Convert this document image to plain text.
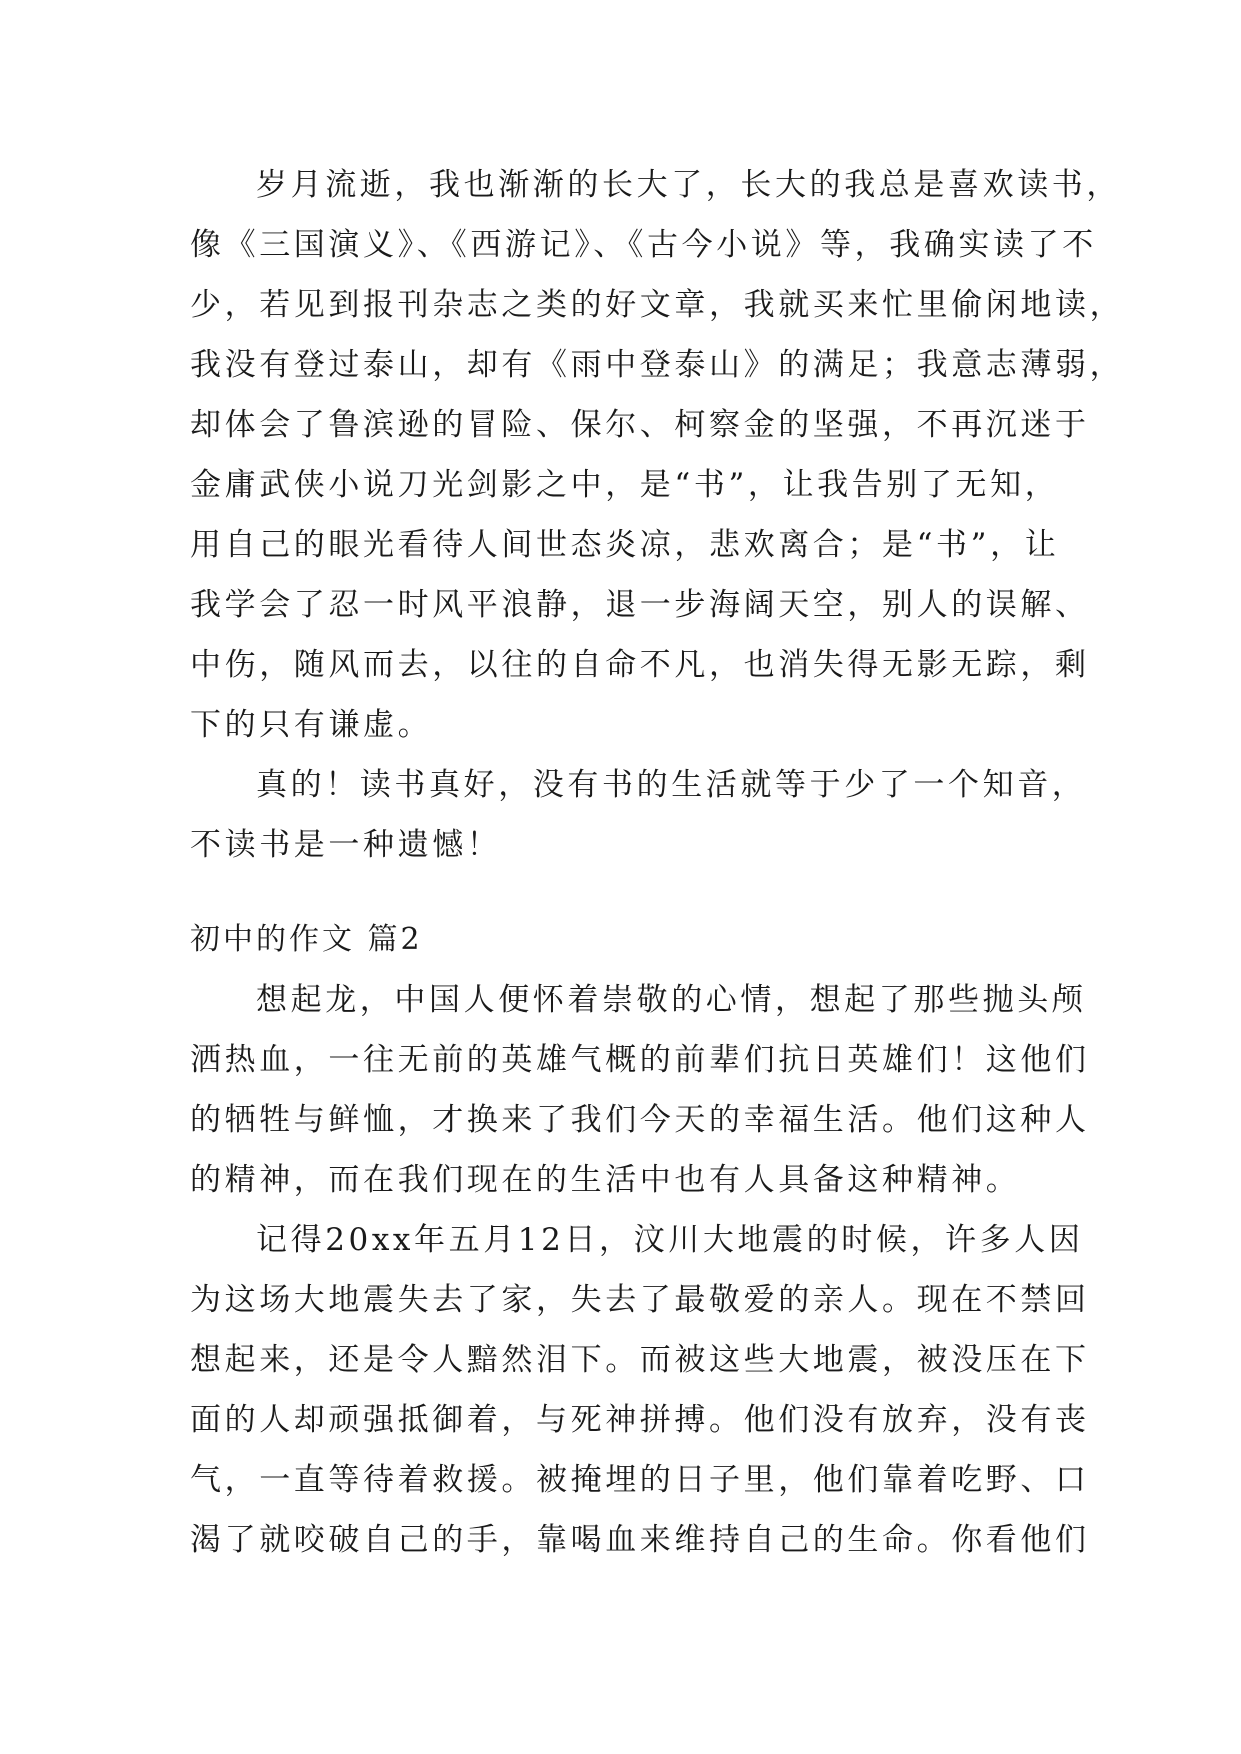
岁月流逝，我也渐渐的长大了，长大的我总是喜欢读书，
像《三国演义》、《西游记》、《古今小说》等，我确实读了不
少，若见到报刊杂志之类的好文章，我就买来忙里偷闲地读，
我没有登过泰山，却有《雨中登泰山》的满足；我意志薄弱，
却体会了鲁滨逊的冒险、保尔、柯察金的坚强，不再沉迷于
金庸武侠小说刀光剑影之中，是“书”，让我告别了无知，
用自己的眼光看待人间世态炎凉，悲欢离合；是“书”，让
我学会了忍一时风平浪静，退一步海阔天空，别人的误解、
中伤，随风而去，以往的自命不凡，也消失得无影无踪，剩
下的只有谦虚。
真的！读书真好，没有书的生活就等于少了一个知音，
不读书是一种遗憾！
初中的作文 篇2
想起龙，中国人便怀着崇敬的心情，想起了那些抛头颅
洒热血，一往无前的英雄气概的前辈们抗日英雄们！这他们
的牺牲与鲜恤，才换来了我们今天的幸福生活。他们这种人
的精神，而在我们现在的生活中也有人具备这种精神。
记得20xx年五月12日，汶川大地震的时候，许多人因
为这场大地震失去了家，失去了最敬爱的亲人。现在不禁回
想起来，还是令人黯然泪下。而被这些大地震，被没压在下
面的人却顽强抵御着，与死神拼搏。他们没有放弃，没有丧
气，一直等待着救援。被掩埋的日子里，他们靠着吃野、口
渴了就咬破自己的手，靠喝血来维持自己的生命。你看他们
